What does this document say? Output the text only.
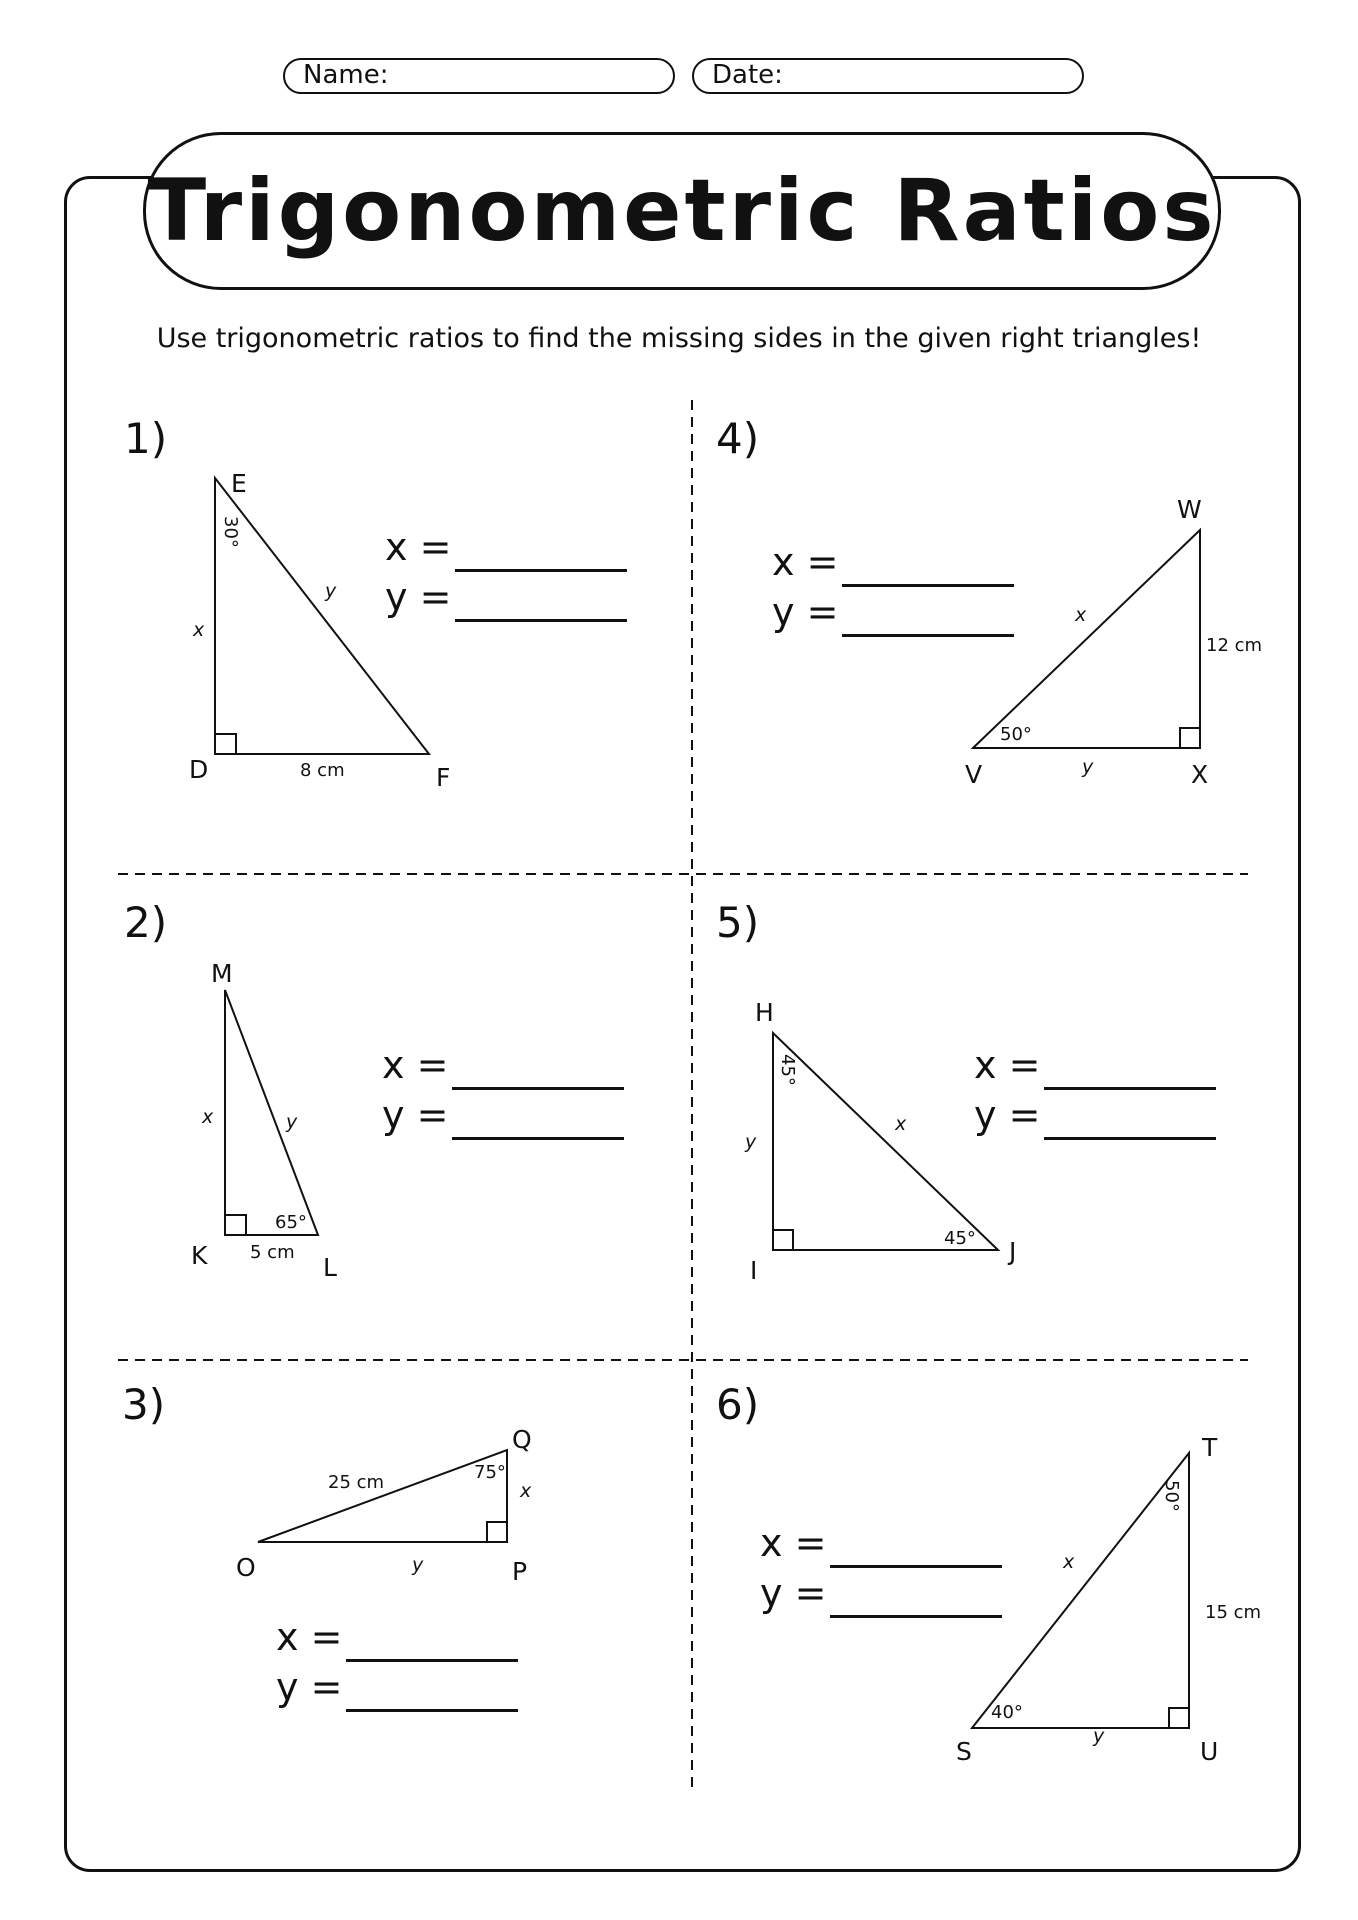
Name:	Date:
Trigonometric Ratios
Use trigonometric ratios to find the missing sides in the given right triangles!
E
D	F
30°
8 cm
x
y
M
K	L
65°
5 cm
x	y
Q
O	P
75°
25 cm	x
y
W
V	X
50°
12 cm
x
y
H
I
J
45°
45°
x
y
T
S	U
50°
40°
15 cm
x
y
1)
2)
3)
4)
5)
6)
x =
y =
x =
y =
x =
y =
x =
y =
x =
y =
x =
y =
